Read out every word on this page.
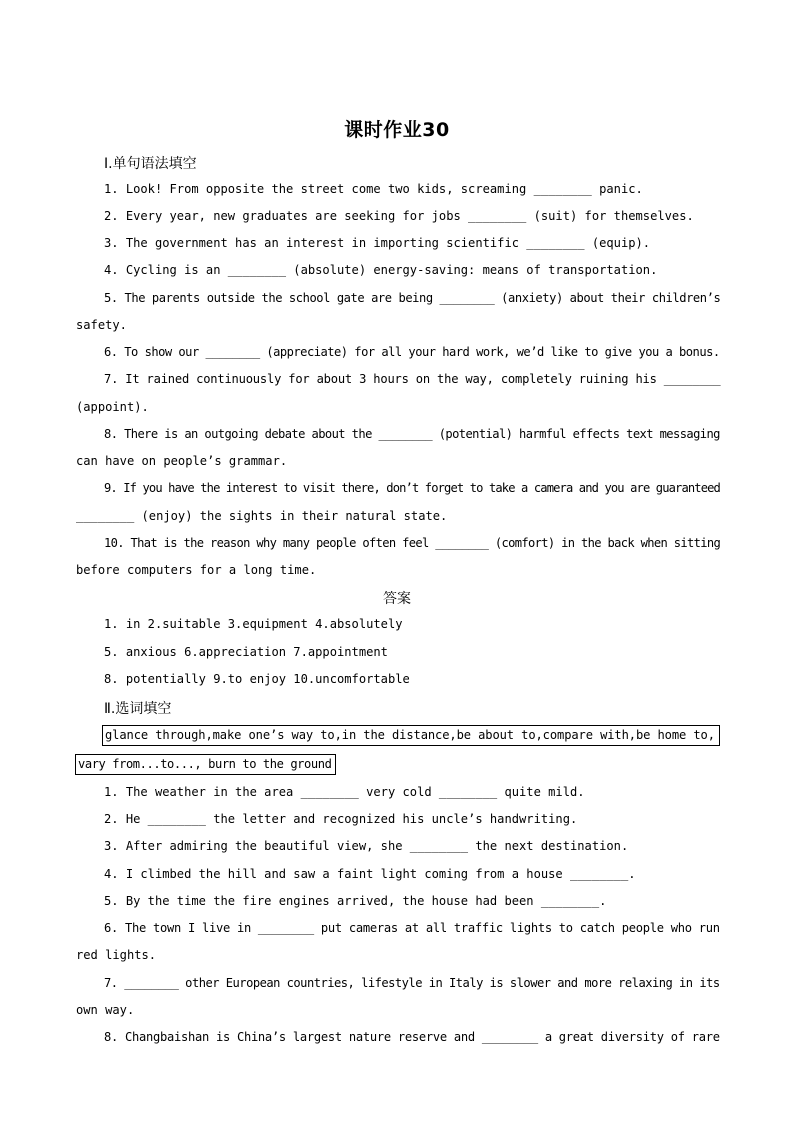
课时作业30
Ⅰ.单句语法填空
1. Look! From opposite the street come two kids, screaming ________ panic.
2. Every year, new graduates are seeking for jobs ________ (suit) for themselves.
3. The government has an interest in importing scientific ________ (equip).
4. Cycling is an ________ (absolute) energy-saving: means of transportation.
5. The parents outside the school gate are being ________ (anxiety) about their children’s
safety.
6. To show our ________ (appreciate) for all your hard work, we’d like to give you a bonus.
7. It rained continuously for about 3 hours on the way, completely ruining his ________
(appoint).
8. There is an outgoing debate about the ________ (potential) harmful effects text messaging
can have on people’s grammar.
9. If you have the interest to visit there, don’t forget to take a camera and you are guaranteed
________ (enjoy) the sights in their natural state.
10. That is the reason why many people often feel ________ (comfort) in the back when sitting
before computers for a long time.
答案
1. in 2.suitable 3.equipment 4.absolutely
5. anxious 6.appreciation 7.appointment
8. potentially 9.to enjoy 10.uncomfortable
Ⅱ.选词填空
glance through,make one’s way to,in the distance,be about to,compare with,be home to,
vary from...to..., burn to the ground
1. The weather in the area ________ very cold ________ quite mild.
2. He ________ the letter and recognized his uncle’s handwriting.
3. After admiring the beautiful view, she ________ the next destination.
4. I climbed the hill and saw a faint light coming from a house ________.
5. By the time the fire engines arrived, the house had been ________.
6. The town I live in ________ put cameras at all traffic lights to catch people who run
red lights.
7. ________ other European countries, lifestyle in Italy is slower and more relaxing in its
own way.
8. Changbaishan is China’s largest nature reserve and ________ a great diversity of rare
